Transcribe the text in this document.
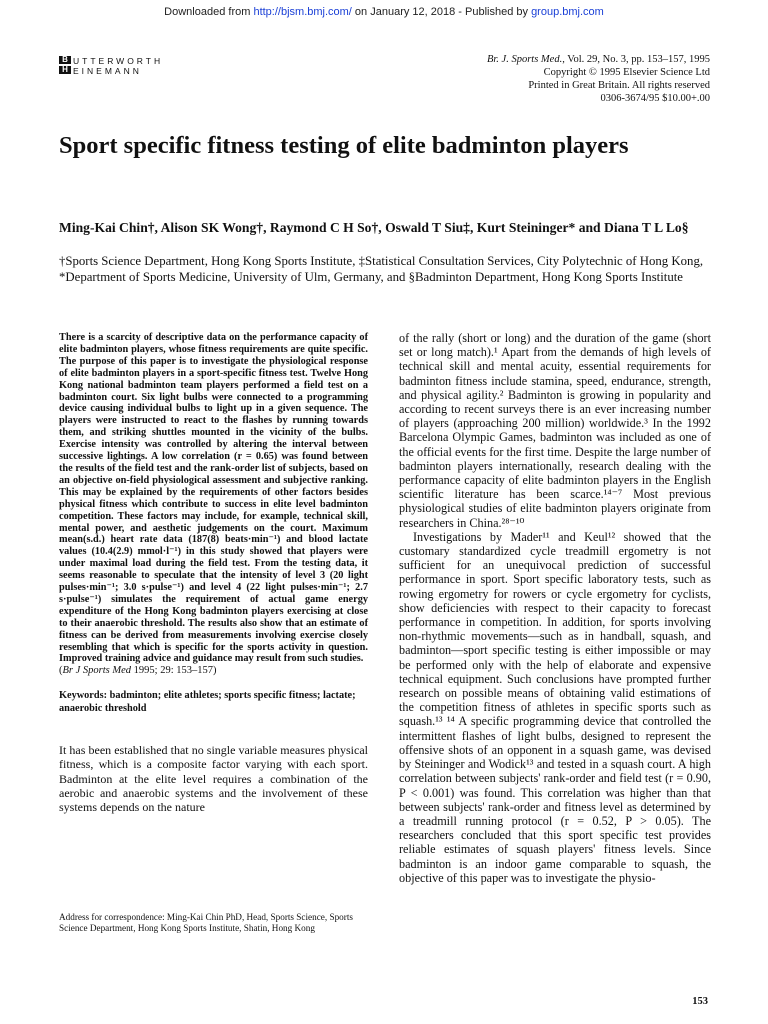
Downloaded from http://bjsm.bmj.com/ on January 12, 2018 - Published by group.bmj.com
B
H
UTTERWORTH
EINEMANN
Br. J. Sports Med., Vol. 29, No. 3, pp. 153–157, 1995
Copyright © 1995 Elsevier Science Ltd
Printed in Great Britain. All rights reserved
0306-3674/95 $10.00+.00
Sport specific fitness testing of elite badminton players
Ming-Kai Chin†, Alison SK Wong†, Raymond C H So†, Oswald T Siu‡, Kurt Steininger* and Diana T L Lo§
†Sports Science Department, Hong Kong Sports Institute, ‡Statistical Consultation Services, City Polytechnic of Hong Kong, *Department of Sports Medicine, University of Ulm, Germany, and §Badminton Department, Hong Kong Sports Institute

There is a scarcity of descriptive data on the performance capacity of elite badminton players, whose fitness requirements are quite specific. The purpose of this paper is to investigate the physiological response of elite badminton players in a sport-specific fitness test. Twelve Hong Kong national badminton team players performed a field test on a badminton court. Six light bulbs were connected to a programming device causing individual bulbs to light up in a given sequence. The players were instructed to react to the flashes by running towards them, and striking shuttles mounted in the vicinity of the bulbs. Exercise intensity was controlled by altering the interval between successive lightings. A low correlation (r = 0.65) was found between the results of the field test and the rank-order list of subjects, based on an objective on-field physiological assessment and subjective ranking. This may be explained by the requirements of other factors besides physical fitness which contribute to success in elite level badminton competition. These factors may include, for example, technical skill, mental power, and aesthetic judgements on the court. Maximum mean(s.d.) heart rate data (187(8) beats·min⁻¹) and blood lactate values (10.4(2.9) mmol·l⁻¹) in this study showed that players were under maximal load during the field test. From the testing data, it seems reasonable to speculate that the intensity of level 3 (20 light pulses·min⁻¹; 3.0 s·pulse⁻¹) and level 4 (22 light pulses·min⁻¹; 2.7 s·pulse⁻¹) simulates the requirement of actual game energy expenditure of the Hong Kong badminton players exercising at close to their anaerobic threshold. The results also show that an estimate of fitness can be derived from measurements involving exercise closely resembling that which is specific for the sports activity in question. Improved training advice and guidance may result from such studies.

(Br J Sports Med 1995; 29: 153–157)

Keywords: badminton; elite athletes; sports specific fitness; lactate; anaerobic threshold

It has been established that no single variable measures physical fitness, which is a composite factor varying with each sport. Badminton at the elite level requires a combination of the aerobic and anaerobic systems and the involvement of these systems depends on the nature

Address for correspondence: Ming-Kai Chin PhD, Head, Sports Science, Sports Science Department, Hong Kong Sports Institute, Shatin, Hong Kong

of the rally (short or long) and the duration of the game (short set or long match).¹ Apart from the demands of high levels of technical skill and mental acuity, essential requirements for badminton fitness include stamina, speed, endurance, strength, and physical agility.² Badminton is growing in popularity and according to recent surveys there is an ever increasing number of players (approaching 200 million) worldwide.³ In the 1992 Barcelona Olympic Games, badminton was included as one of the official events for the first time. Despite the large number of badminton players internationally, research dealing with the performance capacity of elite badminton players in the English scientific literature has been scarce.¹⁴⁻⁷ Most previous physiological studies of elite badminton players originate from researchers in China.²⁸⁻¹⁰

Investigations by Mader¹¹ and Keul¹² showed that the customary standardized cycle treadmill ergometry is not sufficient for an unequivocal prediction of successful performance in sport. Sport specific laboratory tests, such as rowing ergometry for rowers or cycle ergometry for cyclists, show deficiencies with respect to their capacity to forecast performance in competition. In addition, for sports involving non-rhythmic movements—such as in handball, squash, and badminton—sport specific testing is either impossible or may be performed only with the help of elaborate and expensive technical equipment. Such conclusions have prompted further research on possible means of obtaining valid estimations of the competition fitness of athletes in specific sports such as squash.¹³ ¹⁴ A specific programming device that controlled the intermittent flashes of light bulbs, designed to represent the offensive shots of an opponent in a squash game, was devised by Steininger and Wodick¹³ and tested in a squash court. A high correlation between subjects' rank-order and field test (r = 0.90, P < 0.001) was found. This correlation was higher than that between subjects' rank-order and fitness level as determined by a treadmill running protocol (r = 0.52, P > 0.05). The researchers concluded that this sport specific test provides reliable estimates of squash players' fitness levels. Since badminton is an indoor game comparable to squash, the objective of this paper was to investigate the physio-

153
